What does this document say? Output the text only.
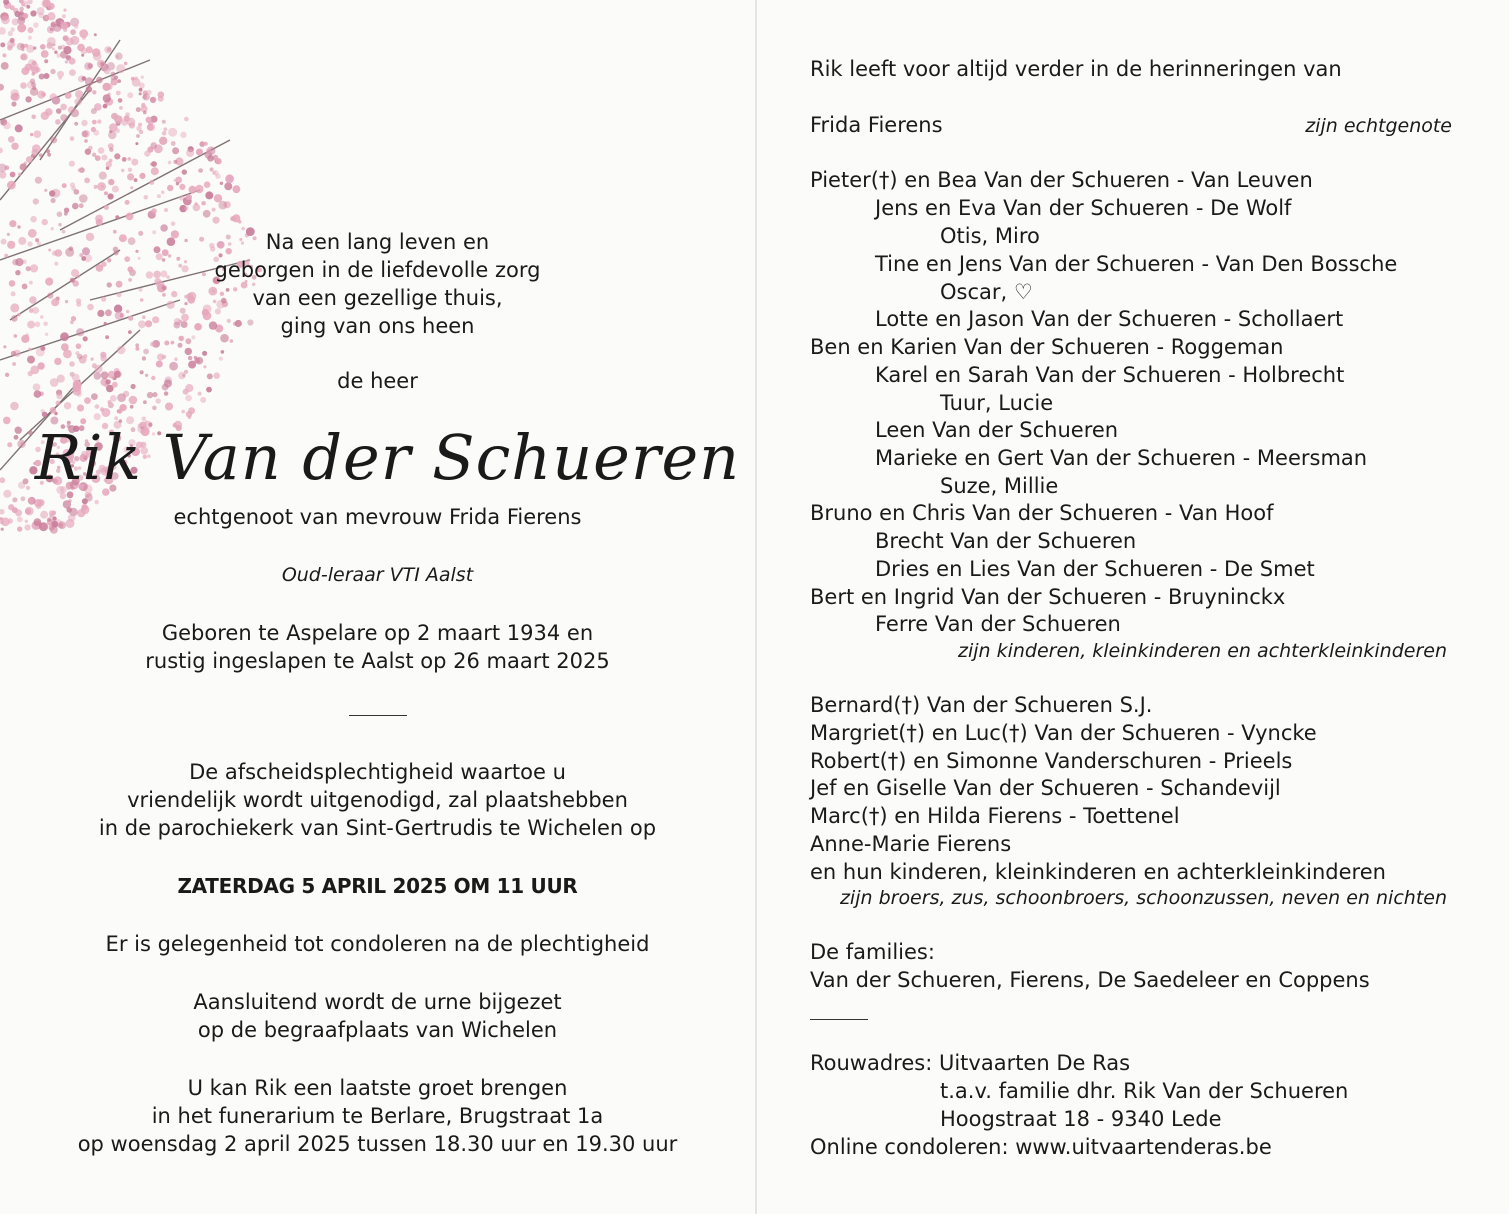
Na een lang leven en
geborgen in de liefdevolle zorg
van een gezellige thuis,
ging van ons heen
de heer
Rik Van der Schueren
echtgenoot van mevrouw Frida Fierens
Oud-leraar VTI Aalst
Geboren te Aspelare op 2 maart 1934 en
rustig ingeslapen te Aalst op 26 maart 2025
De afscheidsplechtigheid waartoe u
vriendelijk wordt uitgenodigd, zal plaatshebben
in de parochiekerk van Sint-Gertrudis te Wichelen op
ZATERDAG 5 APRIL 2025 OM 11 UUR
Er is gelegenheid tot condoleren na de plechtigheid
Aansluitend wordt de urne bijgezet
op de begraafplaats van Wichelen
U kan Rik een laatste groet brengen
in het funerarium te Berlare, Brugstraat 1a
op woensdag 2 april 2025 tussen 18.30 uur en 19.30 uur
Rik leeft voor altijd verder in de herinneringen van
Frida Fierens	zijn echtgenote
Pieter(†) en Bea Van der Schueren - Van Leuven
Jens en Eva Van der Schueren - De Wolf
Otis, Miro
Tine en Jens Van der Schueren - Van Den Bossche
Oscar, ♡
Lotte en Jason Van der Schueren - Schollaert
Ben en Karien Van der Schueren - Roggeman
Karel en Sarah Van der Schueren - Holbrecht
Tuur, Lucie
Leen Van der Schueren
Marieke en Gert Van der Schueren - Meersman
Suze, Millie
Bruno en Chris Van der Schueren - Van Hoof
Brecht Van der Schueren
Dries en Lies Van der Schueren - De Smet
Bert en Ingrid Van der Schueren - Bruyninckx
Ferre Van der Schueren
zijn kinderen, kleinkinderen en achterkleinkinderen
Bernard(†) Van der Schueren S.J.
Margriet(†) en Luc(†) Van der Schueren - Vyncke
Robert(†) en Simonne Vanderschuren - Prieels
Jef en Giselle Van der Schueren - Schandevijl
Marc(†) en Hilda Fierens - Toettenel
Anne-Marie Fierens
en hun kinderen, kleinkinderen en achterkleinkinderen
zijn broers, zus, schoonbroers, schoonzussen, neven en nichten
De families:
Van der Schueren, Fierens, De Saedeleer en Coppens
Rouwadres: Uitvaarten De Ras
t.a.v. familie dhr. Rik Van der Schueren
Hoogstraat 18 - 9340 Lede
Online condoleren: www.uitvaartenderas.be
